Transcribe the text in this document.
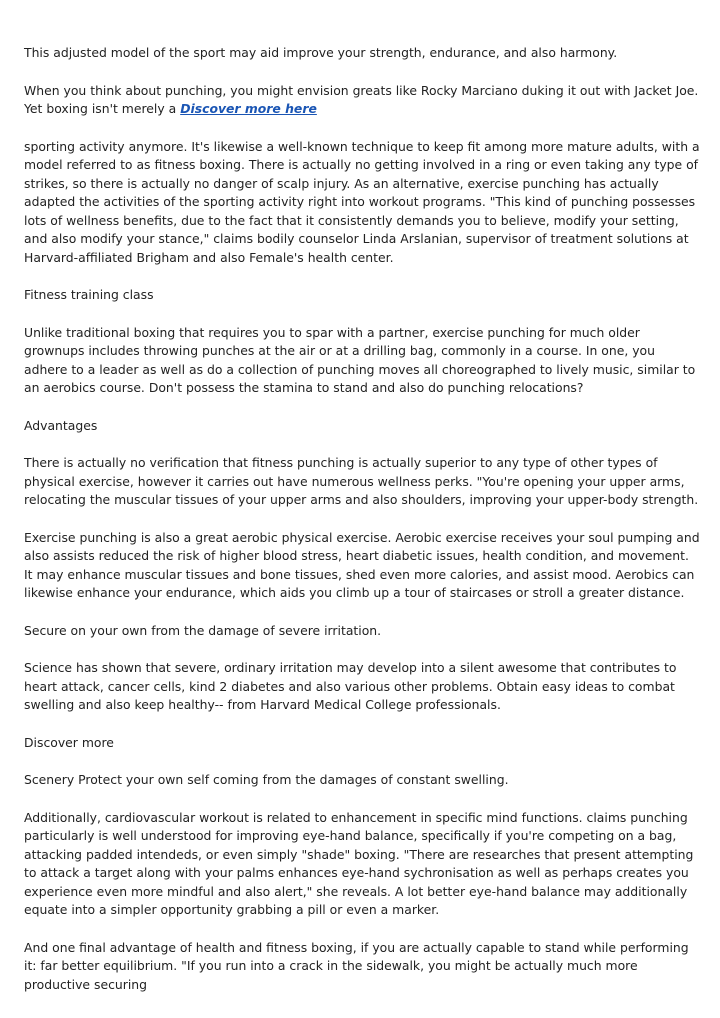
This adjusted model of the sport may aid improve your strength, endurance, and also harmony.

When you think about punching, you might envision greats like Rocky Marciano duking it out with Jacket Joe. Yet boxing isn't merely a Discover more here

sporting activity anymore. It's likewise a well-known technique to keep fit among more mature adults, with a model referred to as fitness boxing. There is actually no getting involved in a ring or even taking any type of strikes, so there is actually no danger of scalp injury. As an alternative, exercise punching has actually adapted the activities of the sporting activity right into workout programs. "This kind of punching possesses lots of wellness benefits, due to the fact that it consistently demands you to believe, modify your setting, and also modify your stance," claims bodily counselor Linda Arslanian, supervisor of treatment solutions at Harvard-affiliated Brigham and also Female's health center.

Fitness training class

Unlike traditional boxing that requires you to spar with a partner, exercise punching for much older grownups includes throwing punches at the air or at a drilling bag, commonly in a course. In one, you adhere to a leader as well as do a collection of punching moves all choreographed to lively music, similar to an aerobics course. Don't possess the stamina to stand and also do punching relocations?

Advantages

There is actually no verification that fitness punching is actually superior to any type of other types of physical exercise, however it carries out have numerous wellness perks. "You're opening your upper arms, relocating the muscular tissues of your upper arms and also shoulders, improving your upper-body strength.

Exercise punching is also a great aerobic physical exercise. Aerobic exercise receives your soul pumping and also assists reduced the risk of higher blood stress, heart diabetic issues, health condition, and movement. It may enhance muscular tissues and bone tissues, shed even more calories, and assist mood. Aerobics can likewise enhance your endurance, which aids you climb up a tour of staircases or stroll a greater distance.

Secure on your own from the damage of severe irritation.

Science has shown that severe, ordinary irritation may develop into a silent awesome that contributes to heart attack, cancer cells, kind 2 diabetes and also various other problems. Obtain easy ideas to combat swelling and also keep healthy-- from Harvard Medical College professionals.

Discover more

Scenery Protect your own self coming from the damages of constant swelling.

Additionally, cardiovascular workout is related to enhancement in specific mind functions. claims punching particularly is well understood for improving eye-hand balance, specifically if you're competing on a bag, attacking padded intendeds, or even simply "shade" boxing. "There are researches that present attempting to attack a target along with your palms enhances eye-hand sychronisation as well as perhaps creates you experience even more mindful and also alert," she reveals. A lot better eye-hand balance may additionally equate into a simpler opportunity grabbing a pill or even a marker.

And one final advantage of health and fitness boxing, if you are actually capable to stand while performing it: far better equilibrium. "If you run into a crack in the sidewalk, you might be actually much more productive securing
